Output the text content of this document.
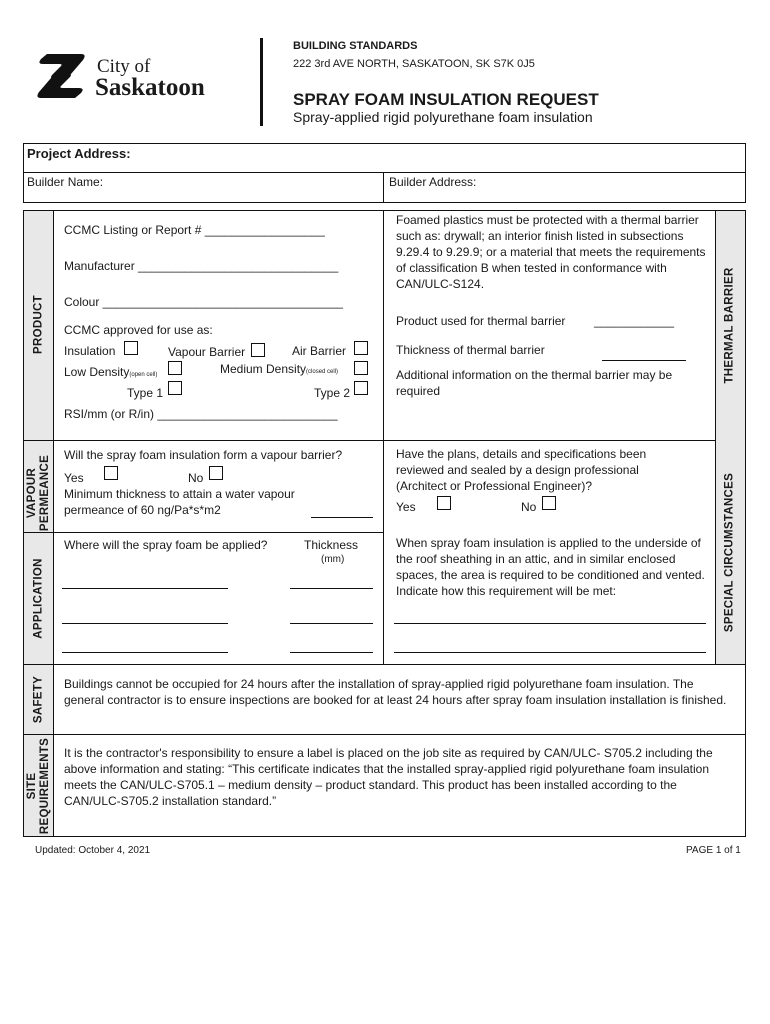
City of
Saskatoon
BUILDING STANDARDS
222 3rd AVE NORTH, SASKATOON, SK S7K 0J5
SPRAY FOAM INSULATION REQUEST
Spray-applied rigid polyurethane foam insulation
Project Address:
Builder Name:	Builder Address:
PRODUCT
VAPOUR
PERMEANCE
APPLICATION
SAFETY
SITE
REQUIREMENTS
THERMAL BARRIER
SPECIAL CIRCUMSTANCES
CCMC Listing or Report # __________________
Manufacturer ______________________________
Colour ____________________________________
CCMC approved for use as:
Insulation	Vapour Barrier	Air Barrier
Low Density(open cell)	Medium Density(closed cell)
Type 1	Type 2
RSI/mm (or R/in) ___________________________
Foamed plastics must be protected with a thermal barrier such as: drywall; an interior finish listed in subsections 9.29.4 to 9.29.9; or a material that meets the requirements of classification B when tested in conformance with CAN/ULC-S124.
Product used for thermal barrier ____________
Thickness of thermal barrier
Additional information on the thermal barrier may be required
Will the spray foam insulation form a vapour barrier?
Yes	No
Minimum thickness to attain a water vapour permeance of 60 ng/Pa*s*m2
Where will the spray foam be applied?	Thickness
(mm)
Have the plans, details and specifications been reviewed and sealed by a design professional (Architect or Professional Engineer)?
Yes	No
When spray foam insulation is applied to the underside of the roof sheathing in an attic, and in similar enclosed spaces, the area is required to be conditioned and vented. Indicate how this requirement will be met:
Buildings cannot be occupied for 24 hours after the installation of spray-applied rigid polyurethane foam insulation. The general contractor is to ensure inspections are booked for at least 24 hours after spray foam insulation installation is finished.
It is the contractor's responsibility to ensure a label is placed on the job site as required by CAN/ULC- S705.2 including the above information and stating: “This certificate indicates that the installed spray-applied rigid polyurethane foam insulation meets the CAN/ULC-S705.1 – medium density – product standard. This product has been installed according to the CAN/ULC-S705.2 installation standard.”
Updated: October 4, 2021	PAGE 1 of 1
